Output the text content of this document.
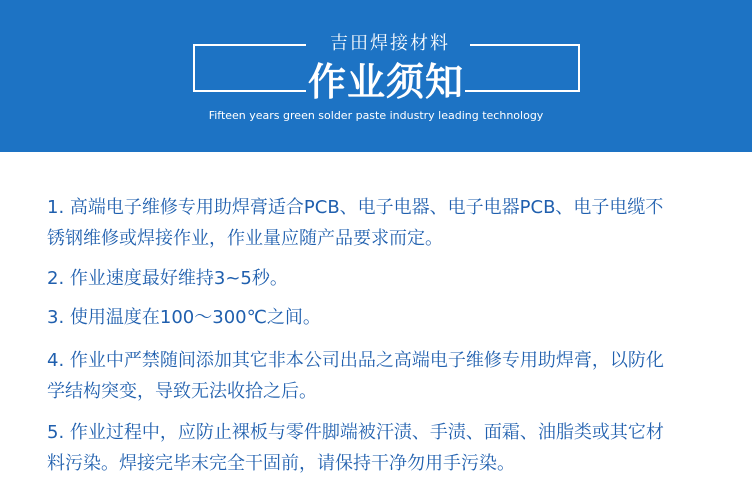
吉田焊接材料
作业须知
Fifteen years green solder paste industry leading technology
1. 高端电子维修专用助焊膏适合PCB、电子电器、电子电器PCB、电子电缆不
锈钢维修或焊接作业，作业量应随产品要求而定。
2. 作业速度最好维持3~5秒。
3. 使用温度在100～300℃之间。
4. 作业中严禁随间添加其它非本公司出品之高端电子维修专用助焊膏，以防化
学结构突变，导致无法收拾之后。
5. 作业过程中，应防止裸板与零件脚端被汗渍、手渍、面霜、油脂类或其它材
料污染。焊接完毕末完全干固前，请保持干净勿用手污染。
